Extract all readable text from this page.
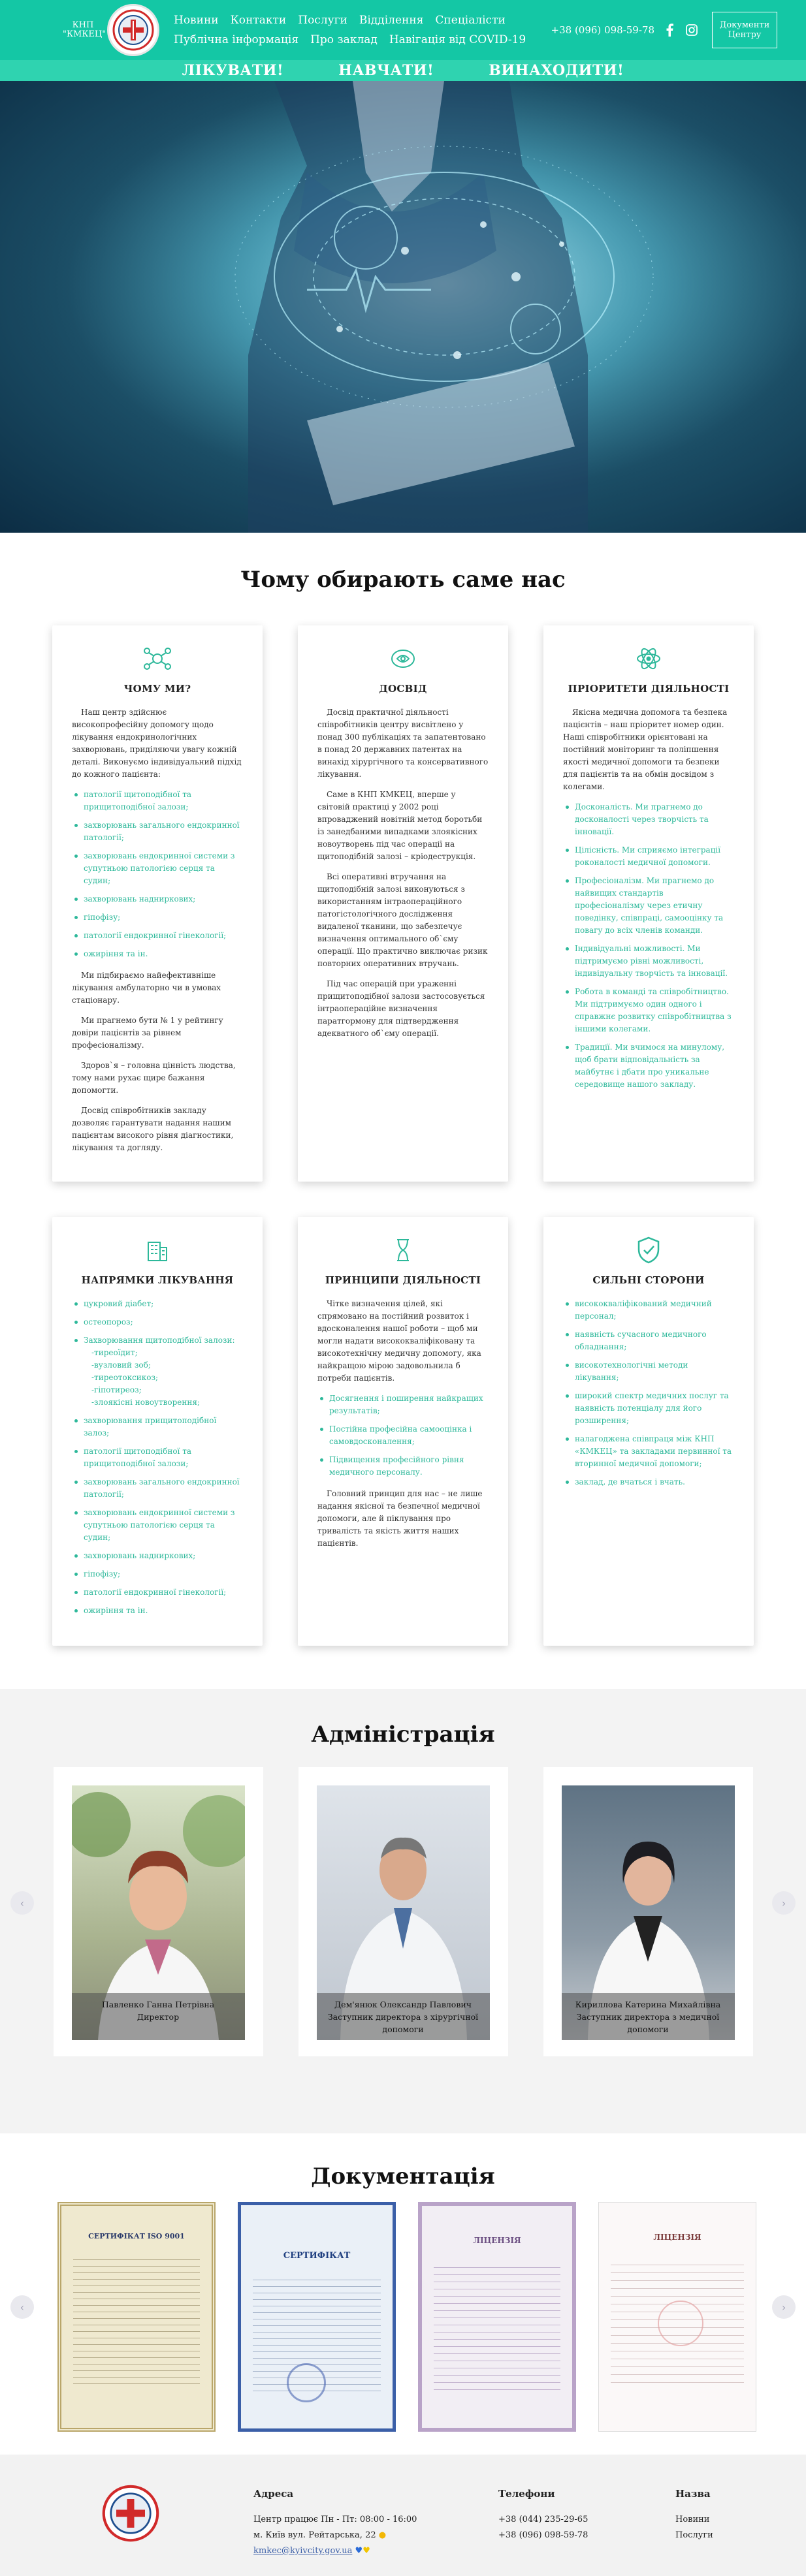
КНП "КМКЕЦ"
Новини Контакти Послуги Відділення Спеціалісти
Публічна інформація Про заклад Навігація від COVID-19
+38 (096) 098-59-78	Документи Центру
ЛІКУВАТИ!	НАВЧАТИ!	ВИНАХОДИТИ!
Чому обирають саме нас
ЧОМУ МИ?

Наш центр здійснює високопрофесійну допомогу щодо лікування ендокринологічних захворювань, приділяючи увагу кожній деталі. Виконуємо індивідуальний підхід до кожного пацієнта:

патології щитоподібної та прищитоподібної залози;
захворювань загального ендокринної патології;
захворювань ендокринної системи з супутньою патологією серця та судин;
захворювань надниркових;
гіпофізу;
патології ендокринної гінекології;
ожиріння та ін.

Ми підбираємо найефективніше лікування амбулаторно чи в умовах стаціонару.

Ми прагнемо бути № 1 у рейтингу довіри пацієнтів за рівнем професіоналізму.

Здоров`я – головна цінність людства, тому нами рухає щире бажання допомогти.

Досвід співробітників закладу дозволяє гарантувати надання нашим пацієнтам високого рівня діагностики, лікування та догляду.

ДОСВІД

Досвід практичної діяльності співробітників центру висвітлено у понад 300 публікаціях та запатентовано в понад 20 державних патентах на винахід хірургічного та консервативного лікування.

Саме в КНП КМКЕЦ, вперше у світовій практиці у 2002 році впроваджений новітній метод боротьби із занедбаними випадками злоякісних новоутворень під час операції на щитоподібній залозі – кріодеструкція.

Всі оперативні втручання на щитоподібній залозі виконуються з використанням інтраопераційного патогістологічного дослідження видаленої тканини, що забезпечує визначення оптимального об`єму операції. Що практично виключає ризик повторних оперативних втручань.

Під час операцій при ураженні прищитоподібної залози застосовується інтраопераційне визначення паратгормону для підтвердження адекватного об`єму операції.

ПРІОРИТЕТИ ДІЯЛЬНОСТІ

Якісна медична допомога та безпека пацієнтів – наш пріоритет номер один. Наші співробітники орієнтовані на постійний моніторинг та поліпшення якості медичної допомоги та безпеки для пацієнтів та на обмін досвідом з колегами.

Досконалість. Ми прагнемо до досконалості через творчість та інновації.
Цілісність. Ми сприяємо інтеграції роконалості медичної допомоги.
Професіоналізм. Ми прагнемо до найвищих стандартів професіоналізму через етичну поведінку, співпраці, самооцінку та повагу до всіх членів команди.
Індивідуальні можливості. Ми підтримуємо рівні можливості, індивідуальну творчість та інновації.
Робота в команді та співробітництво. Ми підтримуємо один одного і справжнє розвитку співробітництва з іншими колегами.
Традиції. Ми вчимося на минулому, щоб брати відповідальність за майбутнє і дбати про уникальне середовище нашого закладу.
НАПРЯМКИ ЛІКУВАННЯ
цукровий діабет;
остеопороз;
Захворювання щитоподібної залози:
-тиреоїдит;
-вузловий зоб;
-тиреотоксикоз;
-гіпотиреоз;
-злоякісні новоутворення;
захворювання прищитоподібної залоз;
патології щитоподібної та прищитоподібної залози;
захворювань загального ендокринної патології;
захворювань ендокринної системи з супутньою патологією серця та судин;
захворювань надниркових;
гіпофізу;
патології ендокринної гінекології;
ожиріння та ін.
ПРИНЦИПИ ДІЯЛЬНОСТІ

Чітке визначення цілей, які спрямовано на постійний розвиток і вдосконалення нашої роботи – щоб ми могли надати висококваліфіковану та високотехнічну медичну допомогу, яка найкращою мірою задовольнила б потреби пацієнтів.

Досягнення і поширення найкращих результатів;
Постійна професійна самооцінка і самовдосконалення;
Підвищення професійного рівня медичного персоналу.

Головний принцип для нас – не лише надання якісної та безпечної медичної допомоги, але й піклування про тривалість та якість життя наших пацієнтів.

СИЛЬНІ СТОРОНИ
висококваліфікований медичний персонал;
наявність сучасного медичного обладнання;
високотехнологічні методи лікування;
широкий спектр медичних послуг та наявність потенціалу для його розширення;
налагоджена співпраця між КНП «КМКЕЦ» та закладами первинної та вторинної медичної допомоги;
заклад, де вчаться і вчать.
Адміністрація
‹	›
Павленко Ганна Петрівна
Директор
Дем'янюк Олександр Павлович
Заступник директора з хірургічної допомоги
Кириллова Катерина Михайлівна
Заступник директора з медичної допомоги
Документація
‹	›
СЕРТИФІКАТ ISO 9001
СЕРТИФІКАТ
ЛІЦЕНЗІЯ	ЛІЦЕНЗІЯ
Адреса
Центр працює Пн - Пт: 08:00 - 16:00
м. Київ вул. Рейтарська, 22 ●
kmkec@kyivcity.gov.ua ♥♥
Телефони
+38 (044) 235-29-65
+38 (096) 098-59-78
Назва
Новини
Послуги
